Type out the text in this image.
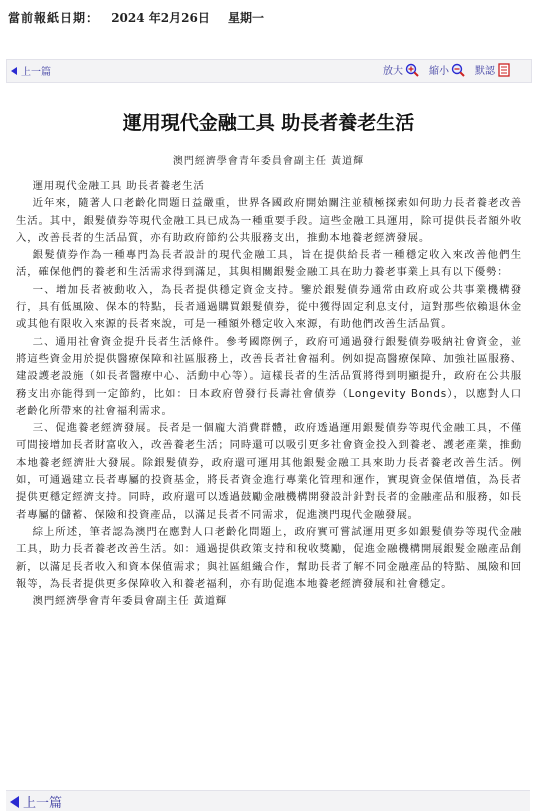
當前報紙日期： 2024 年2月26日 星期一
上一篇	放大	縮小	默認
運用現代金融工具 助長者養老生活
澳門經濟學會青年委員會副主任 黃道輝

運用現代金融工具 助長者養老生活

近年來，隨著人口老齡化問題日益嚴重，世界各國政府開始關注並積極探索如何助力長者養老改善生活。其中，銀髮債券等現代金融工具已成為一種重要手段。這些金融工具運用，除可提供長者額外收入，改善長者的生活品質，亦有助政府節約公共服務支出，推動本地養老經濟發展。

銀髮債券作為一種專門為長者設計的現代金融工具，旨在提供給長者一種穩定收入來改善他們生活，確保他們的養老和生活需求得到滿足，其與相關銀髮金融工具在助力養老事業上具有以下優勢：

一、增加長者被動收入，為長者提供穩定資金支持。鑒於銀髮債券通常由政府或公共事業機構發行，具有低風險、保本的特點，長者通過購買銀髮債券，從中獲得固定利息支付，這對那些依賴退休金或其他有限收入來源的長者來說，可是一種額外穩定收入來源，有助他們改善生活品質。

二、通用社會資金提升長者生活條件。參考國際例子，政府可通過發行銀髮債券吸納社會資金，並將這些資金用於提供醫療保障和社區服務上，改善長者社會福利。例如提高醫療保障、加強社區服務、建設護老設施（如長者醫療中心、活動中心等）。這樣長者的生活品質將得到明顯提升，政府在公共服務支出亦能得到一定節約，比如：日本政府曾發行長壽社會債券（Longevity Bonds），以應對人口老齡化所帶來的社會福利需求。

三、促進養老經濟發展。長者是一個龐大消費群體，政府透過運用銀髮債券等現代金融工具，不僅可間接增加長者財富收入，改善養老生活；同時還可以吸引更多社會資金投入到養老、護老產業，推動本地養老經濟壯大發展。除銀髮債券，政府還可運用其他銀髮金融工具來助力長者養老改善生活。例如，可通過建立長者專屬的投資基金，將長者資金進行專業化管理和運作，實現資金保值增值，為長者提供更穩定經濟支持。同時，政府還可以透過鼓勵金融機構開發設計針對長者的金融產品和服務，如長者專屬的儲蓄、保險和投資產品，以滿足長者不同需求，促進澳門現代金融發展。

綜上所述，筆者認為澳門在應對人口老齡化問題上，政府實可嘗試運用更多如銀髮債券等現代金融工具，助力長者養老改善生活。如：通過提供政策支持和稅收獎勵，促進金融機構開展銀髮金融產品創新，以滿足長者收入和資本保值需求；與社區組織合作，幫助長者了解不同金融產品的特點、風險和回報等，為長者提供更多保障收入和養老福利，亦有助促進本地養老經濟發展和社會穩定。

澳門經濟學會青年委員會副主任 黃道輝

上一篇
